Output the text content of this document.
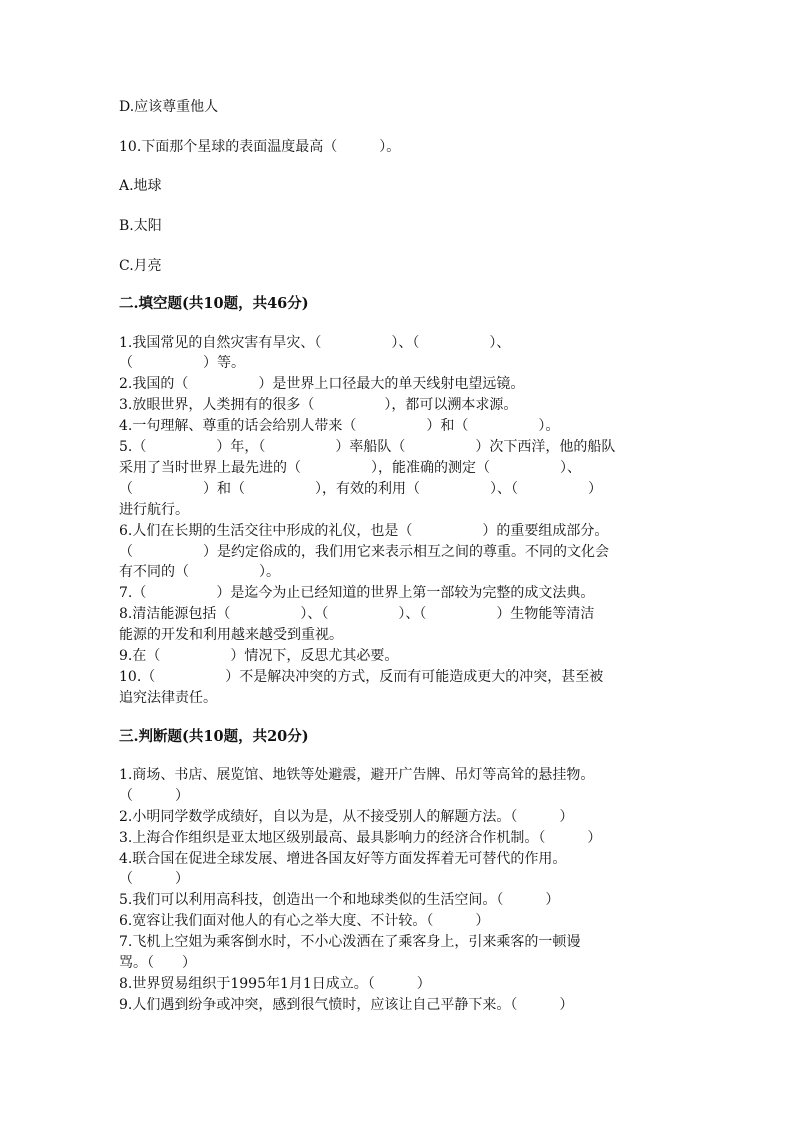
D.应该尊重他人
10.下面那个星球的表面温度最高（　　　）。
A.地球
B.太阳
C.月亮
二.填空题(共10题，共46分)
1.我国常见的自然灾害有旱灾、（　　　　　）、（　　　　　）、
（　　　　　）等。
2.我国的（　　　　　）是世界上口径最大的单天线射电望远镜。
3.放眼世界，人类拥有的很多（　　　　　），都可以溯本求源。
4.一句理解、尊重的话会给别人带来（　　　　　）和（　　　　　）。
5.（　　　　　）年，（　　　　　）率船队（　　　　　）次下西洋，他的船队
采用了当时世界上最先进的（　　　　　），能准确的测定（　　　　　）、
（　　　　　）和（　　　　　），有效的利用（　　　　　）、（　　　　　）
进行航行。
6.人们在长期的生活交往中形成的礼仪，也是（　　　　　）的重要组成部分。
（　　　　　）是约定俗成的，我们用它来表示相互之间的尊重。不同的文化会
有不同的（　　　　　）。
7.（　　　　　）是迄今为止已经知道的世界上第一部较为完整的成文法典。
8.清洁能源包括（　　　　　）、（　　　　　）、（　　　　　）生物能等清洁
能源的开发和利用越来越受到重视。
9.在（　　　　　）情况下，反思尤其必要。
10.（　　　　　）不是解决冲突的方式，反而有可能造成更大的冲突，甚至被
追究法律责任。
三.判断题(共10题，共20分)
1.商场、书店、展览馆、地铁等处避震，避开广告牌、吊灯等高耸的悬挂物。
（　　　）
2.小明同学数学成绩好，自以为是，从不接受别人的解题方法。（　　　）
3.上海合作组织是亚太地区级别最高、最具影响力的经济合作机制。（　　　）
4.联合国在促进全球发展、增进各国友好等方面发挥着无可替代的作用。
（　　　）
5.我们可以利用高科技，创造出一个和地球类似的生活空间。（　　　）
6.宽容让我们面对他人的有心之举大度、不计较。（　　　）
7.飞机上空姐为乘客倒水时，不小心泼洒在了乘客身上，引来乘客的一顿谩
骂。（　　）
8.世界贸易组织于1995年1月1日成立。（　　　）
9.人们遇到纷争或冲突，感到很气愤时，应该让自己平静下来。（　　　）
